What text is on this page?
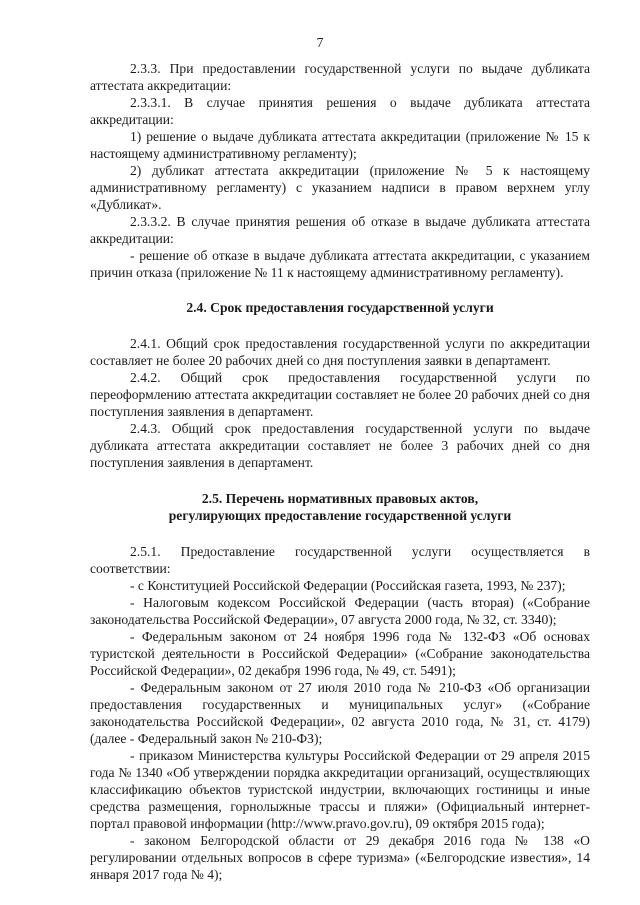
7

2.3.3. При предоставлении государственной услуги по выдаче дубликата аттестата аккредитации:

2.3.3.1. В случае принятия решения о выдаче дубликата аттестата аккредитации:

1) решение о выдаче дубликата аттестата аккредитации (приложение № 15 к настоящему административному регламенту);

2) дубликат аттестата аккредитации (приложение № 5 к настоящему административному регламенту) с указанием надписи в правом верхнем углу «Дубликат».

2.3.3.2. В случае принятия решения об отказе в выдаче дубликата аттестата аккредитации:

- решение об отказе в выдаче дубликата аттестата аккредитации, с указанием причин отказа (приложение № 11 к настоящему административному регламенту).

2.4. Срок предоставления государственной услуги

2.4.1. Общий срок предоставления государственной услуги по аккредитации составляет не более 20 рабочих дней со дня поступления заявки в департамент.

2.4.2. Общий срок предоставления государственной услуги по переоформлению аттестата аккредитации составляет не более 20 рабочих дней со дня поступления заявления в департамент.

2.4.3. Общий срок предоставления государственной услуги по выдаче дубликата аттестата аккредитации составляет не более 3 рабочих дней со дня поступления заявления в департамент.

2.5. Перечень нормативных правовых актов,

регулирующих предоставление государственной услуги

2.5.1. Предоставление государственной услуги осуществляется в соответствии:

- с Конституцией Российской Федерации (Российская газета, 1993, № 237);

- Налоговым кодексом Российской Федерации (часть вторая) («Собрание законодательства Российской Федерации», 07 августа 2000 года, № 32, ст. 3340);

- Федеральным законом от 24 ноября 1996 года № 132-ФЗ «Об основах туристской деятельности в Российской Федерации» («Собрание законодательства Российской Федерации», 02 декабря 1996 года, № 49, ст. 5491);

- Федеральным законом от 27 июля 2010 года № 210-ФЗ «Об организации предоставления государственных и муниципальных услуг» («Собрание законодательства Российской Федерации», 02 августа 2010 года, № 31, ст. 4179) (далее - Федеральный закон № 210-ФЗ);

- приказом Министерства культуры Российской Федерации от 29 апреля 2015 года № 1340 «Об утверждении порядка аккредитации организаций, осуществляющих классификацию объектов туристской индустрии, включающих гостиницы и иные средства размещения, горнолыжные трассы и пляжи» (Официальный интернет-портал правовой информации (http://www.pravo.gov.ru), 09 октября 2015 года);

- законом Белгородской области от 29 декабря 2016 года № 138 «О регулировании отдельных вопросов в сфере туризма» («Белгородские известия», 14 января 2017 года № 4);
